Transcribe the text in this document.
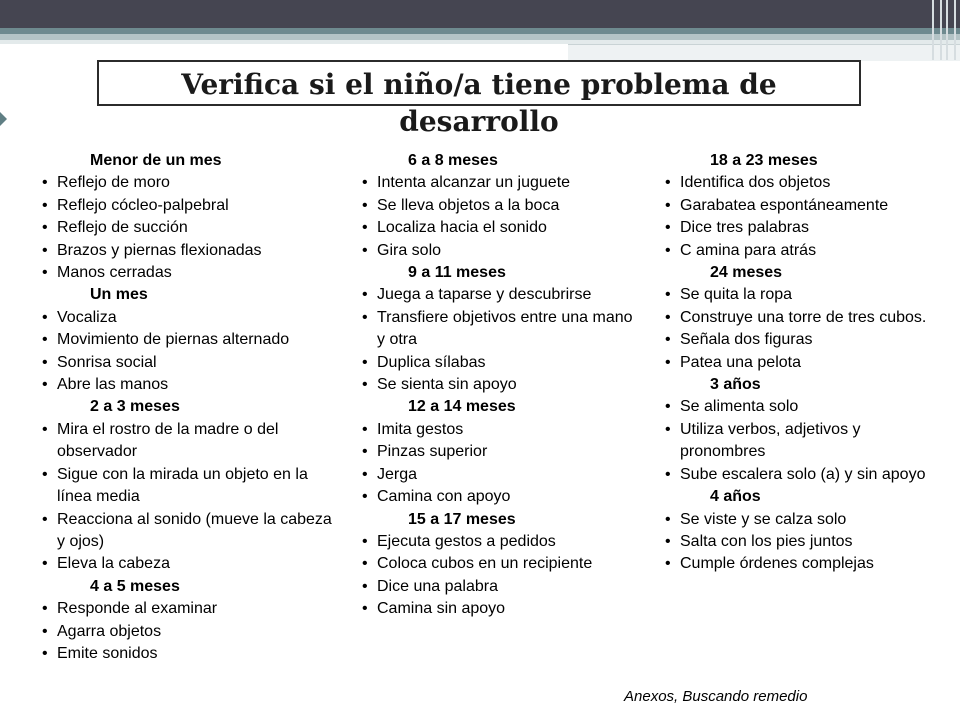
Verifica si el niño/a tiene problema de desarrollo
Menor de un mes
• Reflejo de moro
• Reflejo cócleo-palpebral
• Reflejo de succión
• Brazos y piernas flexionadas
• Manos cerradas
Un mes
• Vocaliza
• Movimiento de piernas alternado
• Sonrisa social
• Abre las manos
2 a 3 meses
• Mira el rostro de la madre o del observador
• Sigue con la mirada un objeto en la línea media
• Reacciona al sonido (mueve la cabeza y ojos)
• Eleva la cabeza
4 a 5 meses
• Responde al examinar
• Agarra objetos
• Emite sonidos
6 a 8 meses
• Intenta alcanzar un juguete
• Se lleva objetos a la boca
• Localiza hacia el sonido
• Gira solo
9 a 11 meses
• Juega a taparse y descubrirse
• Transfiere objetivos entre una mano y otra
• Duplica sílabas
• Se sienta sin apoyo
12 a 14 meses
• Imita gestos
• Pinzas superior
• Jerga
• Camina con apoyo
15 a 17 meses
• Ejecuta gestos a pedidos
• Coloca cubos en un recipiente
• Dice una palabra
• Camina sin apoyo
18 a 23 meses
• Identifica dos objetos
• Garabatea espontáneamente
• Dice tres palabras
• C amina para atrás
24 meses
• Se quita la ropa
• Construye una torre de tres cubos.
• Señala dos figuras
• Patea una pelota
3 años
• Se alimenta solo
• Utiliza verbos, adjetivos y pronombres
• Sube escalera solo (a) y sin apoyo
4 años
• Se viste y se calza solo
• Salta con los pies juntos
• Cumple órdenes complejas
Anexos, Buscando remedio
